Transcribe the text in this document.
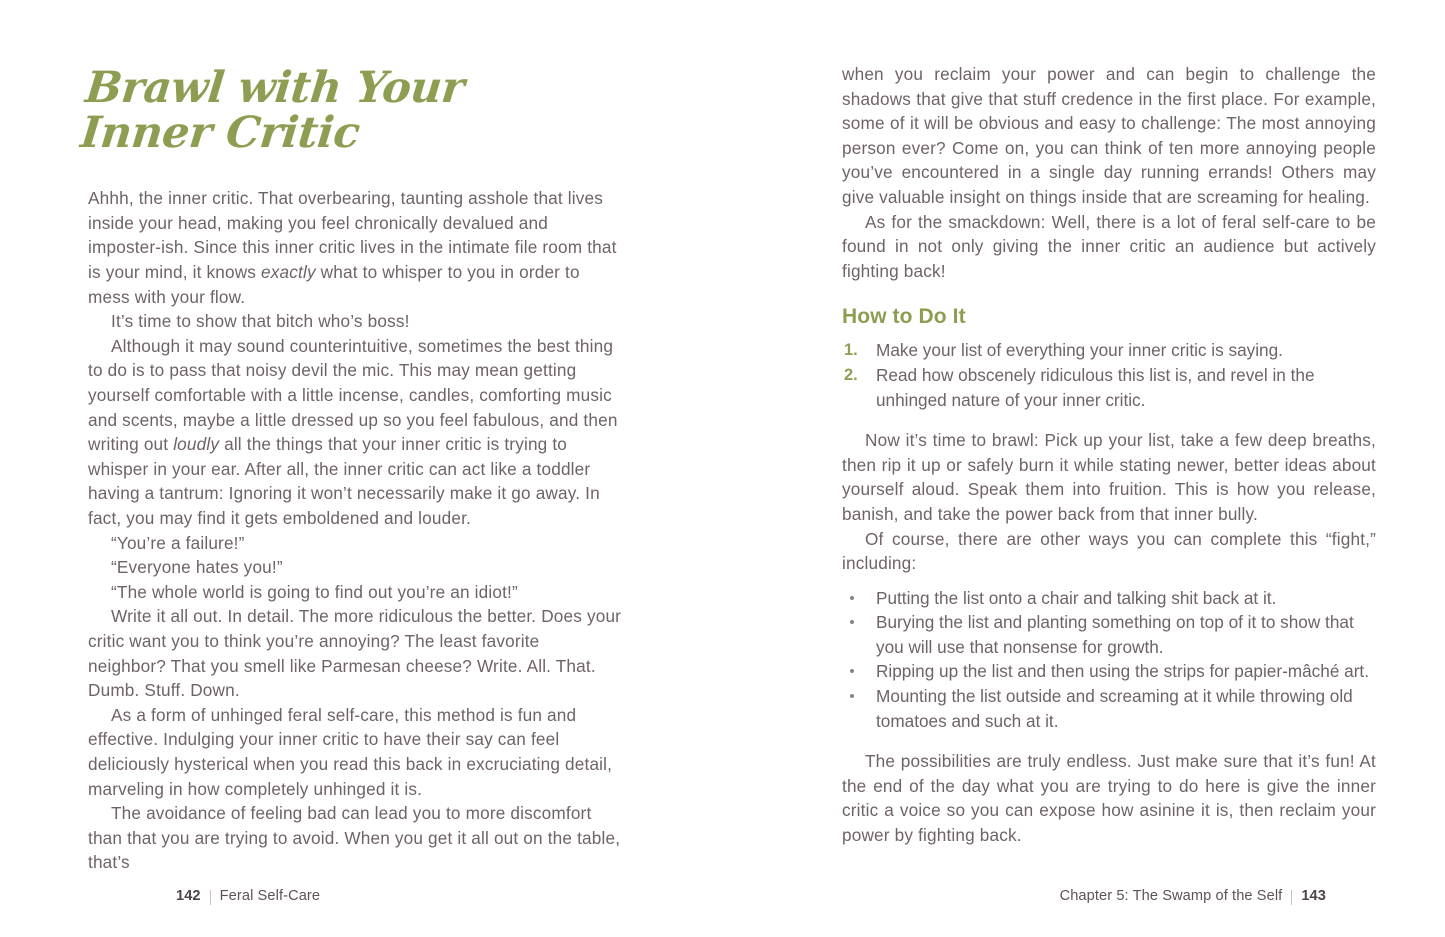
Brawl with Your
Inner Critic

Ahhh, the inner critic. That overbearing, taunting asshole that lives inside your head, making you feel chronically devalued and imposter-ish. Since this inner critic lives in the intimate file room that is your mind, it knows exactly what to whisper to you in order to mess with your flow.

It’s time to show that bitch who’s boss!

Although it may sound counterintuitive, sometimes the best thing to do is to pass that noisy devil the mic. This may mean getting yourself comfortable with a little incense, candles, comforting music and scents, maybe a little dressed up so you feel fabulous, and then writing out loudly all the things that your inner critic is trying to whisper in your ear. After all, the inner critic can act like a toddler having a tantrum: Ignoring it won’t necessarily make it go away. In fact, you may find it gets emboldened and louder.

“You’re a failure!”

“Everyone hates you!”

“The whole world is going to find out you’re an idiot!”

Write it all out. In detail. The more ridiculous the better. Does your critic want you to think you’re annoying? The least favorite neighbor? That you smell like Parmesan cheese? Write. All. That. Dumb. Stuff. Down.

As a form of unhinged feral self-care, this method is fun and effective. Indulging your inner critic to have their say can feel deliciously hysterical when you read this back in excruciating detail, marveling in how completely unhinged it is.

The avoidance of feeling bad can lead you to more discomfort than that you are trying to avoid. When you get it all out on the table, that’s

142 Feral Self-Care

when you reclaim your power and can begin to challenge the shadows that give that stuff credence in the first place. For example, some of it will be obvious and easy to challenge: The most annoying person ever? Come on, you can think of ten more annoying people you’ve encountered in a single day running errands! Others may give valuable insight on things inside that are screaming for healing.

As for the smackdown: Well, there is a lot of feral self-care to be found in not only giving the inner critic an audience but actively fighting back!

How to Do It
1. Make your list of everything your inner critic is saying.
2. Read how obscenely ridiculous this list is, and revel in the unhinged nature of your inner critic.

Now it’s time to brawl: Pick up your list, take a few deep breaths, then rip it up or safely burn it while stating newer, better ideas about yourself aloud. Speak them into fruition. This is how you release, banish, and take the power back from that inner bully.

Of course, there are other ways you can complete this “fight,” including:

Putting the list onto a chair and talking shit back at it.
Burying the list and planting something on top of it to show that you will use that nonsense for growth.
Ripping up the list and then using the strips for papier-mâché art.
Mounting the list outside and screaming at it while throwing old tomatoes and such at it.

The possibilities are truly endless. Just make sure that it’s fun! At the end of the day what you are trying to do here is give the inner critic a voice so you can expose how asinine it is, then reclaim your power by fighting back.

Chapter 5: The Swamp of the Self 143
